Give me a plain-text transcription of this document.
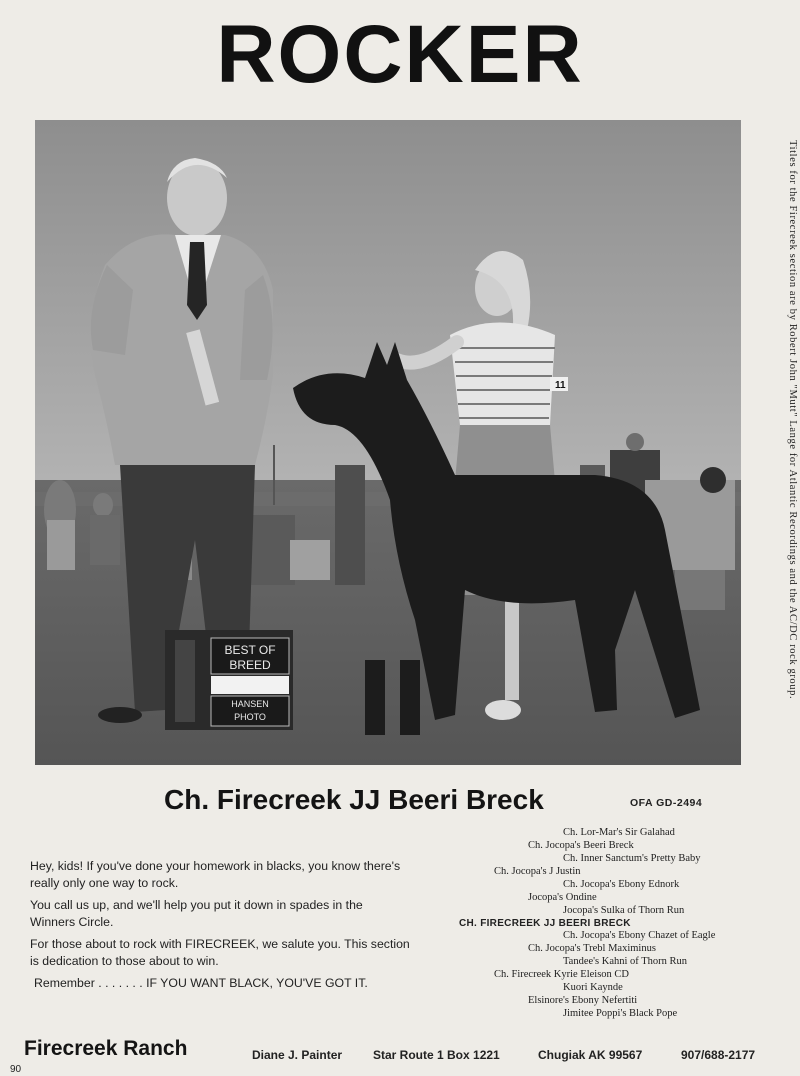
ROCKER
11
BEST OF
BREED
HANSEN
PHOTO
Titles for the Firecreek section are by Robert John "Mutt" Lange for Atlantic Recordings and the AC/DC rock group.
Ch. Firecreek JJ Beeri Breck	OFA GD-2494
Ch. Lor-Mar's Sir Galahad
Ch. Jocopa's Beeri Breck
Ch. Inner Sanctum's Pretty Baby
Ch. Jocopa's J Justin
Ch. Jocopa's Ebony Ednork
Jocopa's Ondine
Jocopa's Sulka of Thorn Run
CH. FIRECREEK JJ BEERI BRECK
Ch. Jocopa's Ebony Chazet of Eagle
Ch. Jocopa's Trebl Maximinus
Tandee's Kahni of Thorn Run
Ch. Firecreek Kyrie Eleison CD
Kuori Kaynde
Elsinore's Ebony Nefertiti
Jimitee Poppi's Black Pope

Hey, kids! If you've done your homework in blacks, you know there's really only one way to rock.

You call us up, and we'll help you put it down in spades in the Winners Circle.

For those about to rock with FIRECREEK, we salute you. This section is dedication to those about to win.

Remember . . . . . . . IF YOU WANT BLACK, YOU'VE GOT IT.

Firecreek Ranch	Diane J. Painter	Star Route 1 Box 1221	Chugiak AK 99567	907/688-2177
90
